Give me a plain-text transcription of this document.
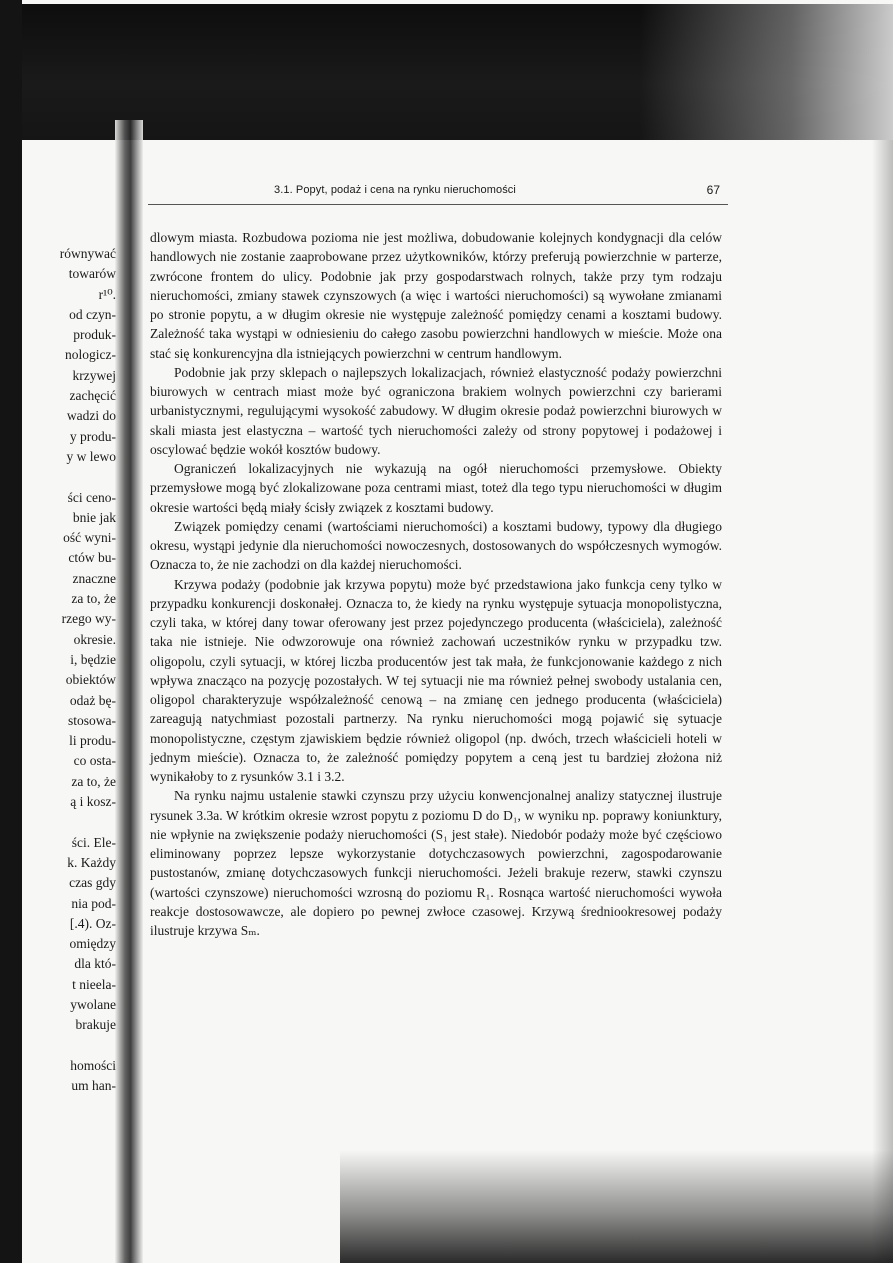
równywać
towarów
r¹⁰.
od czyn-
produk-
nologicz-
krzywej
zachęcić
wadzi do
y produ-
y w lewo
ści ceno-
bnie jak
ość wyni-
ctów bu-
znaczne
za to, że
rzego wy-
okresie.
i, będzie
obiektów
odaż bę-
stosowa-
li produ-
co osta-
za to, że
ą i kosz-
ści. Ele-
k. Każdy
czas gdy
nia pod-
[.4). Oz-
omiędzy
dla któ-
t nieela-
ywolane
brakuje
homości
um han-
3.1. Popyt, podaż i cena na rynku nieruchomości	67

dlowym miasta. Rozbudowa pozioma nie jest możliwa, dobudowanie kolejnych kondygnacji dla celów handlowych nie zostanie zaaprobowane przez użytkowników, którzy preferują powierzchnie w parterze, zwrócone frontem do ulicy. Podobnie jak przy gospodarstwach rolnych, także przy tym rodzaju nieruchomości, zmiany stawek czynszowych (a więc i wartości nieruchomości) są wywołane zmianami po stronie popytu, a w długim okresie nie występuje zależność pomiędzy cenami a kosztami budowy. Zależność taka wystąpi w odniesieniu do całego zasobu powierzchni handlowych w mieście. Może ona stać się konkurencyjna dla istniejących powierzchni w centrum handlowym.

Podobnie jak przy sklepach o najlepszych lokalizacjach, również elastyczność podaży powierzchni biurowych w centrach miast może być ograniczona brakiem wolnych powierzchni czy barierami urbanistycznymi, regulującymi wysokość zabudowy. W długim okresie podaż powierzchni biurowych w skali miasta jest elastyczna – wartość tych nieruchomości zależy od strony popytowej i podażowej i oscylować będzie wokół kosztów budowy.

Ograniczeń lokalizacyjnych nie wykazują na ogół nieruchomości przemysłowe. Obiekty przemysłowe mogą być zlokalizowane poza centrami miast, toteż dla tego typu nieruchomości w długim okresie wartości będą miały ścisły związek z kosztami budowy.

Związek pomiędzy cenami (wartościami nieruchomości) a kosztami budowy, typowy dla długiego okresu, wystąpi jedynie dla nieruchomości nowoczesnych, dostosowanych do współczesnych wymogów. Oznacza to, że nie zachodzi on dla każdej nieruchomości.

Krzywa podaży (podobnie jak krzywa popytu) może być przedstawiona jako funkcja ceny tylko w przypadku konkurencji doskonałej. Oznacza to, że kiedy na rynku występuje sytuacja monopolistyczna, czyli taka, w której dany towar oferowany jest przez pojedynczego producenta (właściciela), zależność taka nie istnieje. Nie odwzorowuje ona również zachowań uczestników rynku w przypadku tzw. oligopolu, czyli sytuacji, w której liczba producentów jest tak mała, że funkcjonowanie każdego z nich wpływa znacząco na pozycję pozostałych. W tej sytuacji nie ma również pełnej swobody ustalania cen, oligopol charakteryzuje współzależność cenową – na zmianę cen jednego producenta (właściciela) zareagują natychmiast pozostali partnerzy. Na rynku nieruchomości mogą pojawić się sytuacje monopolistyczne, częstym zjawiskiem będzie również oligopol (np. dwóch, trzech właścicieli hoteli w jednym mieście). Oznacza to, że zależność pomiędzy popytem a ceną jest tu bardziej złożona niż wynikałoby to z rysunków 3.1 i 3.2.

Na rynku najmu ustalenie stawki czynszu przy użyciu konwencjonalnej analizy statycznej ilustruje rysunek 3.3a. W krótkim okresie wzrost popytu z poziomu D do D₁, w wyniku np. poprawy koniunktury, nie wpłynie na zwiększenie podaży nieruchomości (S₁ jest stałe). Niedobór podaży może być częściowo eliminowany poprzez lepsze wykorzystanie dotychczasowych powierzchni, zagospodarowanie pustostanów, zmianę dotychczasowych funkcji nieruchomości. Jeżeli brakuje rezerw, stawki czynszu (wartości czynszowe) nieruchomości wzrosną do poziomu R₁. Rosnąca wartość nieruchomości wywoła reakcje dostosowawcze, ale dopiero po pewnej zwłoce czasowej. Krzywą średniookresowej podaży ilustruje krzywa Sₘ.
